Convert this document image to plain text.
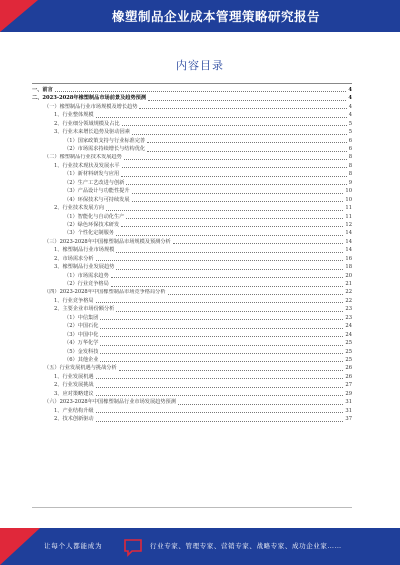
橡塑制品企业成本管理策略研究报告
内容目录
一、前言	4
二、2023-2028年橡塑制品市场前景及趋势预测	4
（一）橡塑制品行业市场规模及增长趋势	4
1、行业整体规模	4
2、行业细分领域规模及占比	5
3、行业未来增长趋势及驱动因素	5
（1）国家政策支持与行业标准完善	6
（2）市场需求持续增长与结构优化	6
（二）橡塑制品行业技术发展趋势	8
1、行业技术现状及发展水平	8
（1）新材料研发与应用	8
（2）生产工艺改进与创新	9
（3）产品设计与功能性提升	10
（4）环保技术与可持续发展	10
2、行业技术发展方向	11
（1）智能化与自动化生产	11
（2）绿色环保技术研发	12
（3）个性化定制服务	14
（三）2023-2028年中国橡塑制品市场规模及预测分析	14
1、橡塑制品行业市场规模	14
2、市场需求分析	16
3、橡塑制品行业发展趋势	18
（1）市场需求趋势	20
（2）行业竞争格局	21
（四）2023-2028年中国橡塑制品市场竞争格局分析	22
1、行业竞争格局	22
2、主要企业市场份额分析	23
（1）中信集团	23
（2）中国石化	24
（3）中国中化	24
（4）万华化学	25
（5）金发科技	25
（6）其他企业	25
（五）行业发展机遇与挑战分析	26
1、行业发展机遇	26
2、行业发展挑战	27
3、应对策略建议	29
（六）2023-2028年中国橡塑制品行业市场发展趋势预测	31
1、产业结构升级	31
2、技术创新驱动	37
让每个人都能成为	行业专家、管理专家、营销专家、战略专家、成功企业家……
